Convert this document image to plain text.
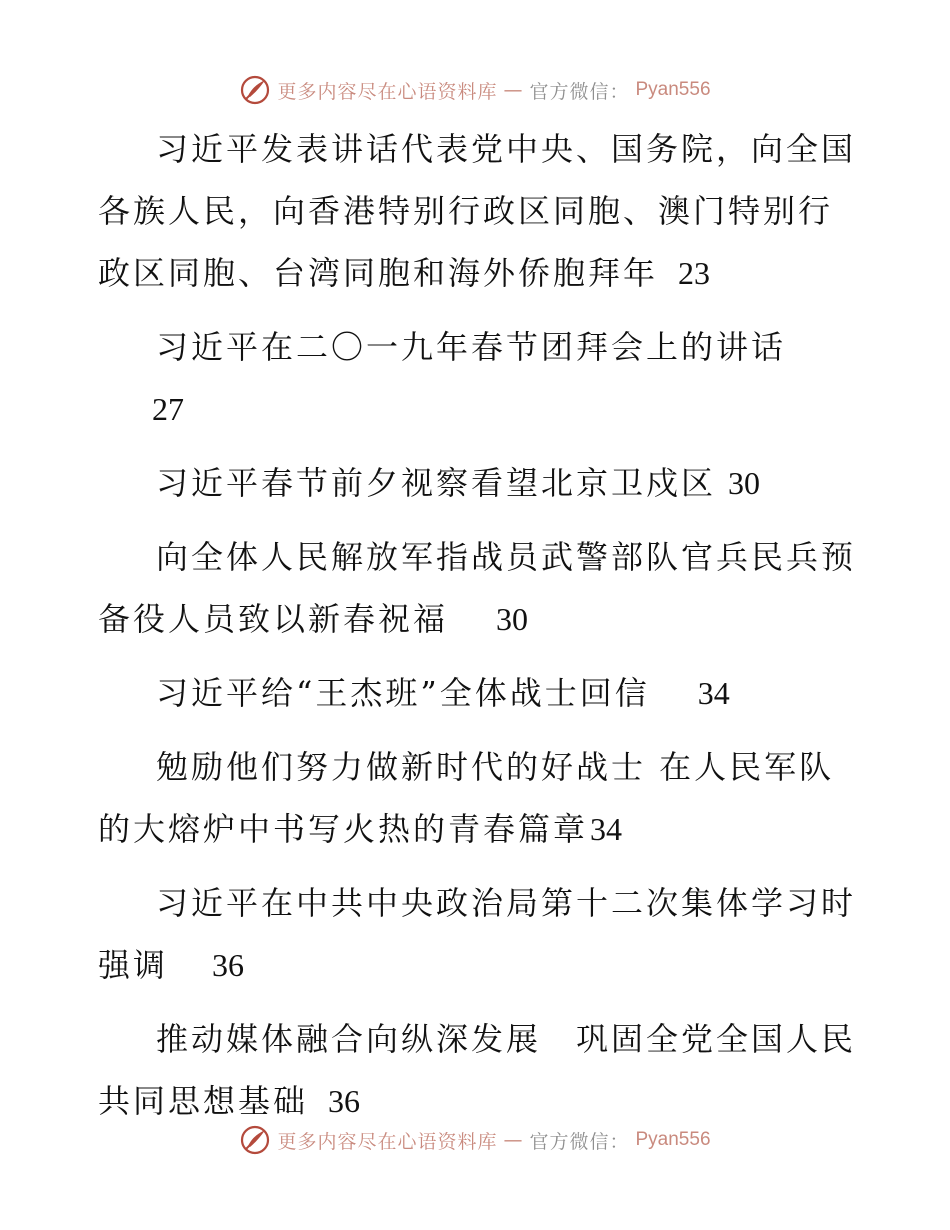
更多内容尽在心语资料库 — 官方微信： Pyan556

习近平发表讲话代表党中央、国务院，向全国各族人民，向香港特别行政区同胞、澳门特别行政区同胞、台湾同胞和海外侨胞拜年 23

习近平在二〇一九年春节团拜会上的讲话
27

习近平春节前夕视察看望北京卫戍区 30

向全体人民解放军指战员武警部队官兵民兵预备役人员致以新春祝福 30

习近平给“王杰班”全体战士回信 34

勉励他们努力做新时代的好战士 在人民军队的大熔炉中书写火热的青春篇章34

习近平在中共中央政治局第十二次集体学习时强调 36

推动媒体融合向纵深发展　巩固全党全国人民共同思想基础 36

更多内容尽在心语资料库 — 官方微信： Pyan556
